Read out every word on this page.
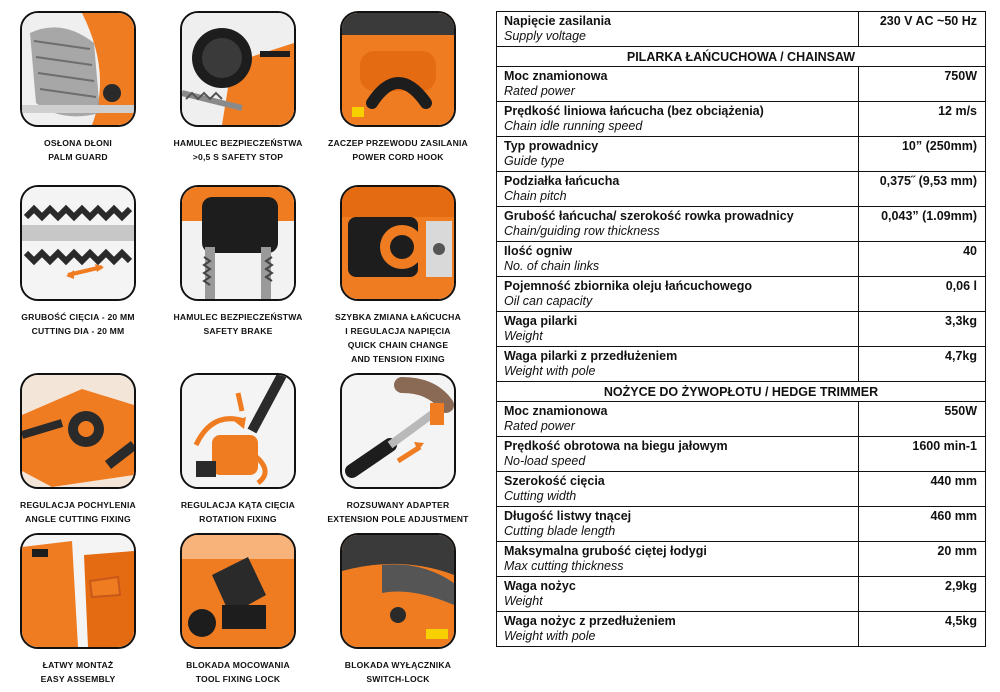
OSŁONA DŁONI
PALM GUARD
HAMULEC BEZPIECZEŃSTWA
>0,5 S SAFETY STOP
ZACZEP PRZEWODU ZASILANIA
POWER CORD HOOK
GRUBOŚĆ CIĘCIA - 20 MM
CUTTING DIA - 20 MM
HAMULEC BEZPIECZEŃSTWA
SAFETY BRAKE
SZYBKA ZMIANA ŁAŃCUCHA
I REGULACJA NAPIĘCIA
QUICK CHAIN CHANGE
AND TENSION FIXING
REGULACJA POCHYLENIA
ANGLE CUTTING FIXING
REGULACJA KĄTA CIĘCIA
ROTATION FIXING
ROZSUWANY ADAPTER
EXTENSION POLE ADJUSTMENT
ŁATWY MONTAŻ
EASY ASSEMBLY
BLOKADA MOCOWANIA
TOOL FIXING LOCK
BLOKADA WYŁĄCZNIKA
SWITCH-LOCK
Napięcie zasilania
Supply voltage	230 V AC ~50 Hz
PILARKA ŁAŃCUCHOWA / CHAINSAW	

Moc znamionowa
Rated power	750W

Prędkość liniowa łańcucha (bez obciążenia)
Chain idle running speed	12 m/s

Typ prowadnicy
Guide type	10” (250mm)

Podziałka łańcucha
Chain pitch	0,375˝ (9,53 mm)

Grubość łańcucha/ szerokość rowka prowadnicy
Chain/guiding row thickness	0,043” (1.09mm)

Ilość ogniw
No. of chain links	40

Pojemność zbiornika oleju łańcuchowego
Oil can capacity	0,06 l

Waga pilarki
Weight	3,3kg

Waga pilarki z przedłużeniem
Weight with pole	4,7kg
NOŻYCE DO ŻYWOPŁOTU / HEDGE TRIMMER	

Moc znamionowa
Rated power	550W

Prędkość obrotowa na biegu jałowym
No-load speed	1600 min-1

Szerokość cięcia
Cutting width	440 mm

Długość listwy tnącej
Cutting blade length	460 mm

Maksymalna grubość ciętej łodygi
Max cutting thickness	20 mm

Waga nożyc
Weight	2,9kg

Waga nożyc z przedłużeniem
Weight with pole	4,5kg
